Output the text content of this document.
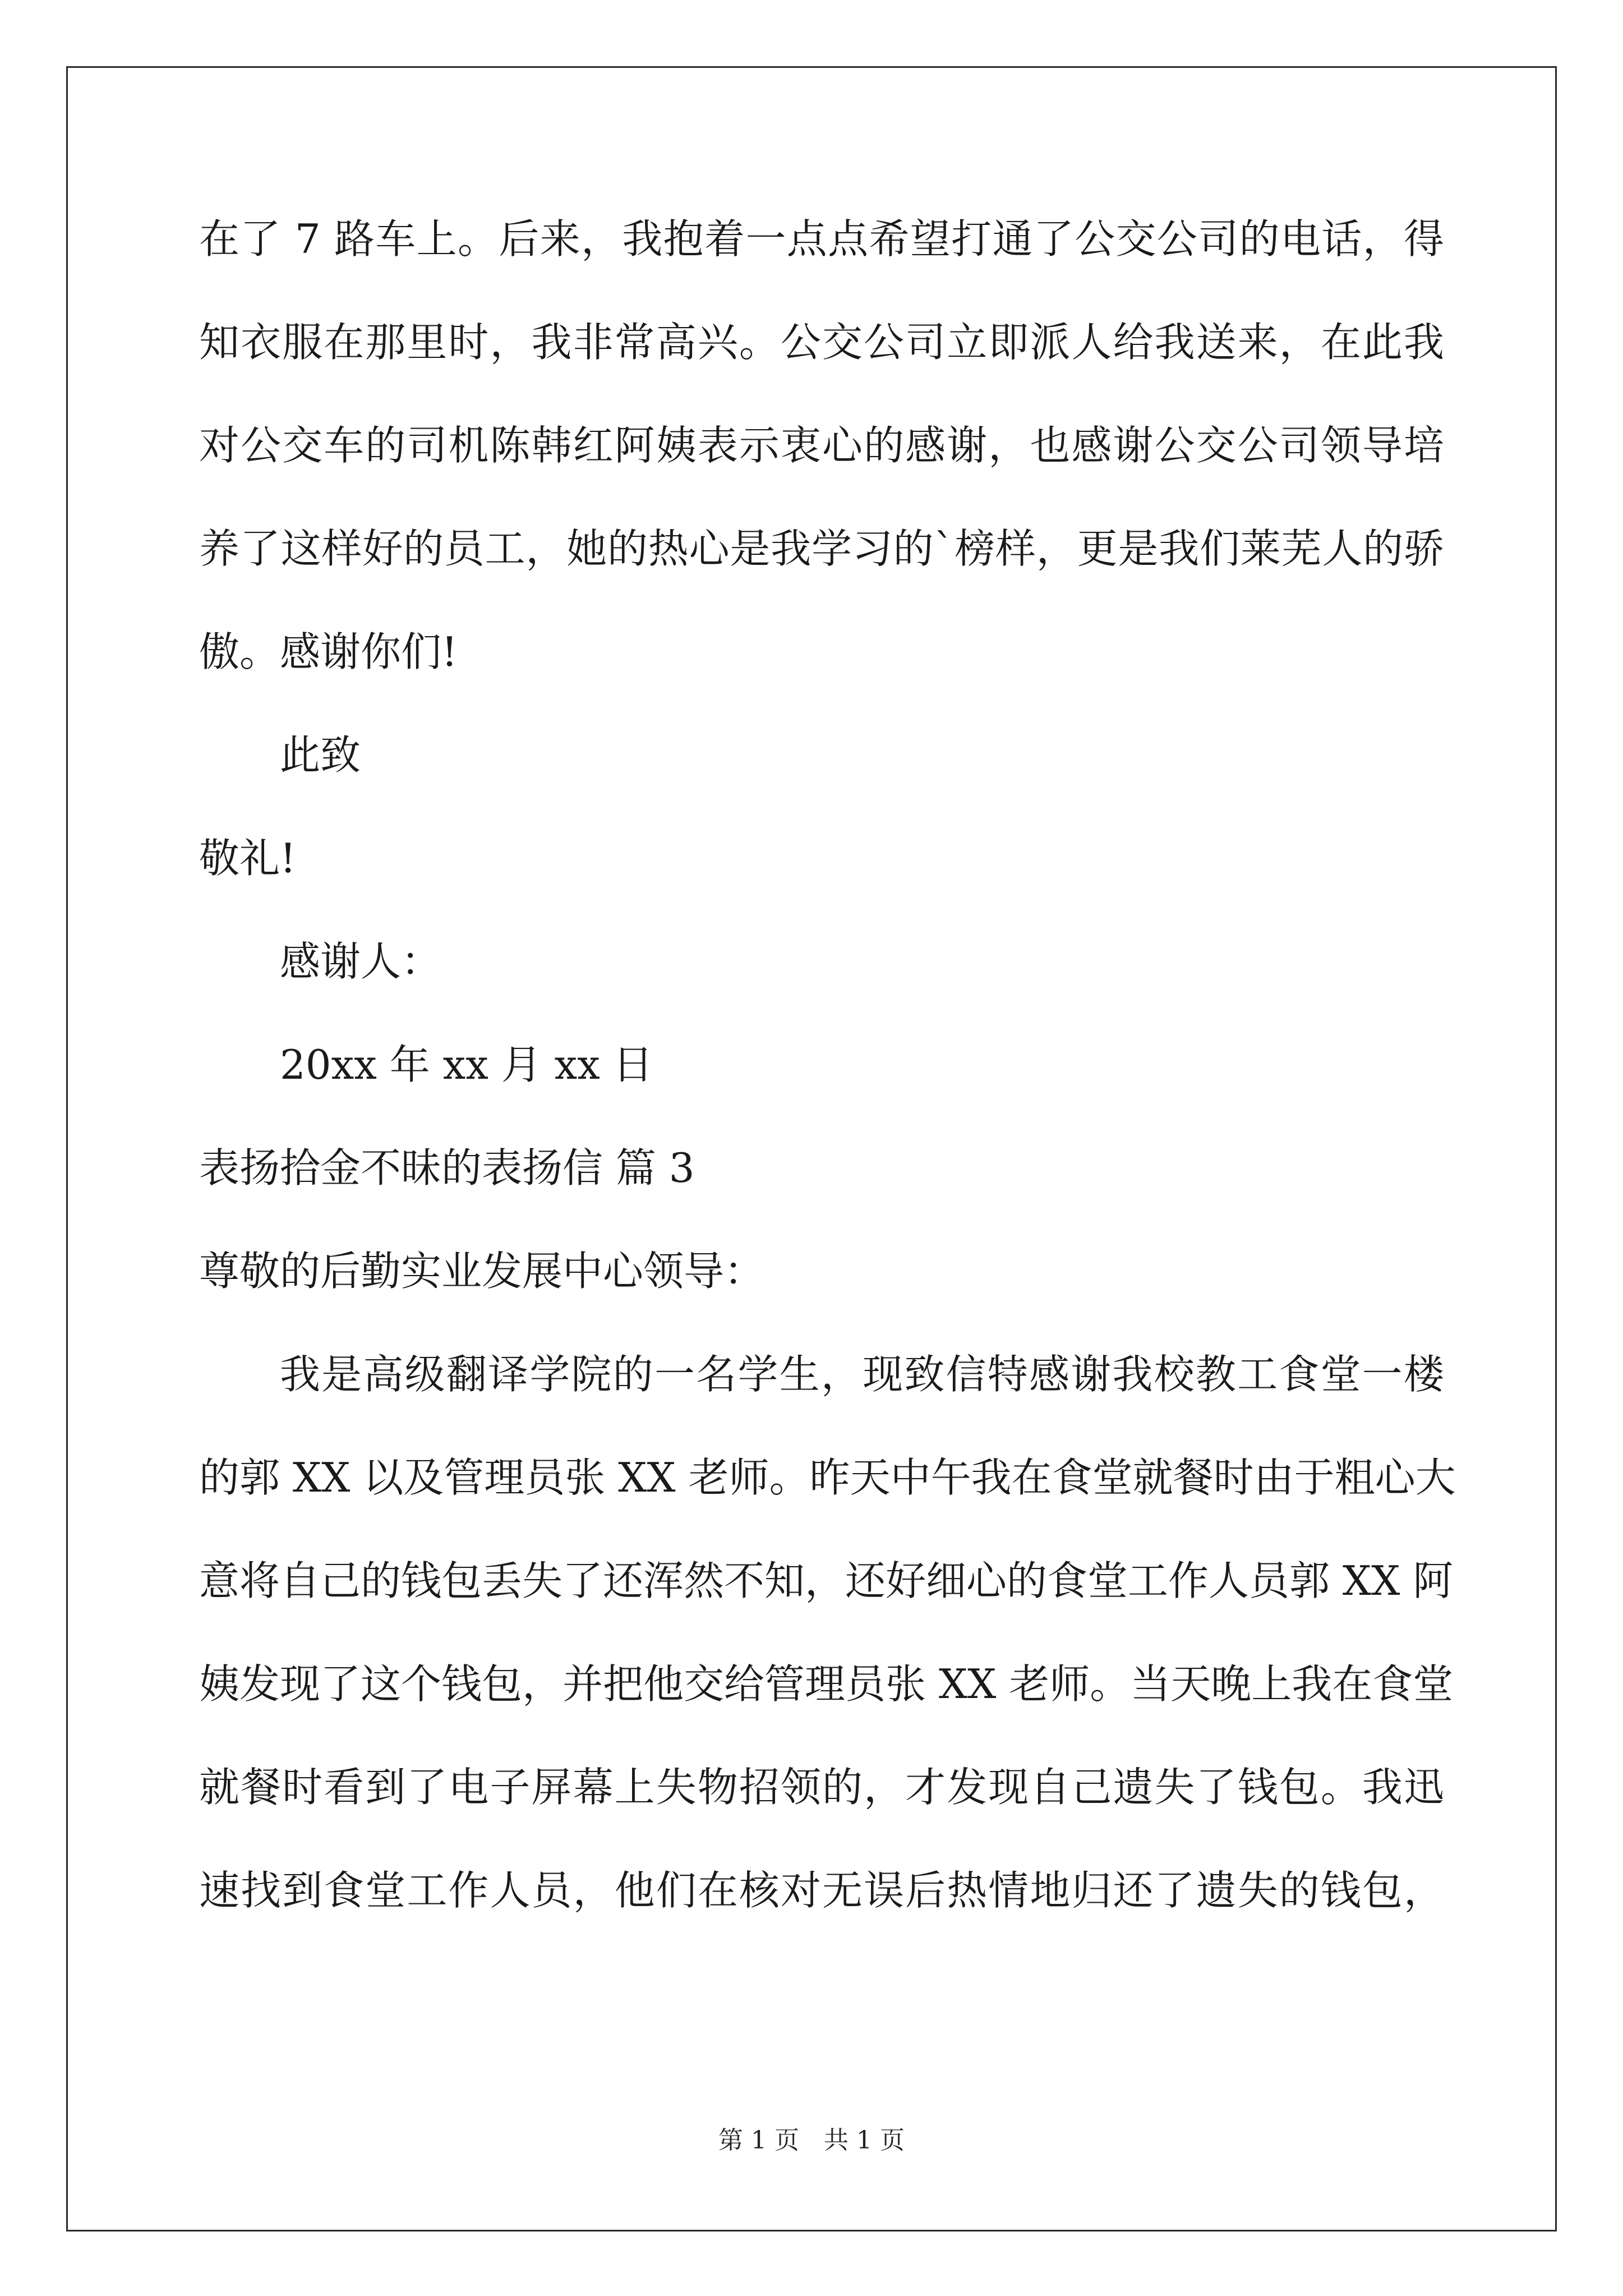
在了 7 路车上。后来，我抱着一点点希望打通了公交公司的电话，得
知衣服在那里时，我非常高兴。公交公司立即派人给我送来，在此我
对公交车的司机陈韩红阿姨表示衷心的感谢，也感谢公交公司领导培
养了这样好的员工，她的热心是我学习的`榜样，更是我们莱芜人的骄
傲。感谢你们!
此致
敬礼!
感谢人：
20xx 年 xx 月 xx 日
表扬拾金不昧的表扬信 篇 3
尊敬的后勤实业发展中心领导：
我是高级翻译学院的一名学生，现致信特感谢我校教工食堂一楼
的郭 XX 以及管理员张 XX 老师。昨天中午我在食堂就餐时由于粗心大
意将自己的钱包丢失了还浑然不知，还好细心的食堂工作人员郭 XX 阿
姨发现了这个钱包，并把他交给管理员张 XX 老师。当天晚上我在食堂
就餐时看到了电子屏幕上失物招领的，才发现自己遗失了钱包。我迅
速找到食堂工作人员，他们在核对无误后热情地归还了遗失的钱包，
第 1 页 共 1 页
